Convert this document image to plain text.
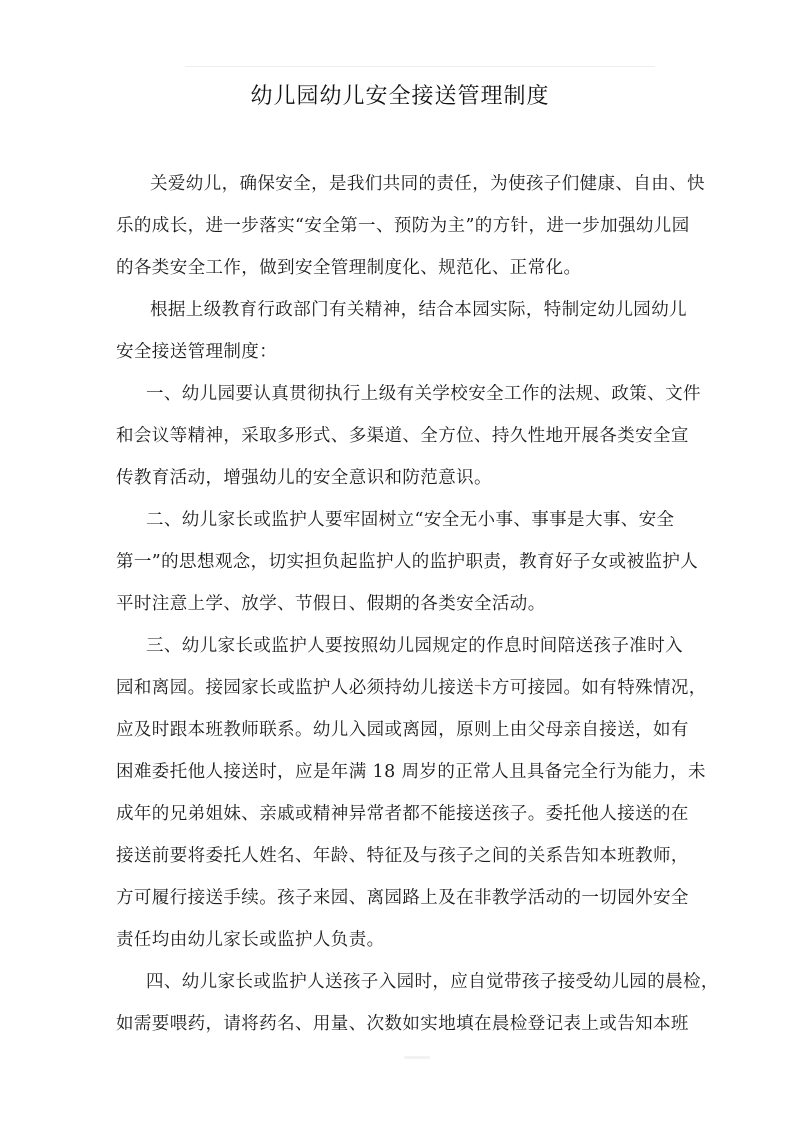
幼儿园幼儿安全接送管理制度
关爱幼儿，确保安全，是我们共同的责任，为使孩子们健康、自由、快
乐的成长，进一步落实“安全第一、预防为主”的方针，进一步加强幼儿园
的各类安全工作，做到安全管理制度化、规范化、正常化。
根据上级教育行政部门有关精神，结合本园实际，特制定幼儿园幼儿
安全接送管理制度：
一、幼儿园要认真贯彻执行上级有关学校安全工作的法规、政策、文件
和会议等精神，采取多形式、多渠道、全方位、持久性地开展各类安全宣
传教育活动，增强幼儿的安全意识和防范意识。
二、幼儿家长或监护人要牢固树立“安全无小事、事事是大事、安全
第一”的思想观念，切实担负起监护人的监护职责，教育好子女或被监护人
平时注意上学、放学、节假日、假期的各类安全活动。
三、幼儿家长或监护人要按照幼儿园规定的作息时间陪送孩子准时入
园和离园。接园家长或监护人必须持幼儿接送卡方可接园。如有特殊情况，
应及时跟本班教师联系。幼儿入园或离园，原则上由父母亲自接送，如有
困难委托他人接送时，应是年满 18 周岁的正常人且具备完全行为能力，未
成年的兄弟姐妹、亲戚或精神异常者都不能接送孩子。委托他人接送的在
接送前要将委托人姓名、年龄、特征及与孩子之间的关系告知本班教师，
方可履行接送手续。孩子来园、离园路上及在非教学活动的一切园外安全
责任均由幼儿家长或监护人负责。
四、幼儿家长或监护人送孩子入园时，应自觉带孩子接受幼儿园的晨检，
如需要喂药，请将药名、用量、次数如实地填在晨检登记表上或告知本班
